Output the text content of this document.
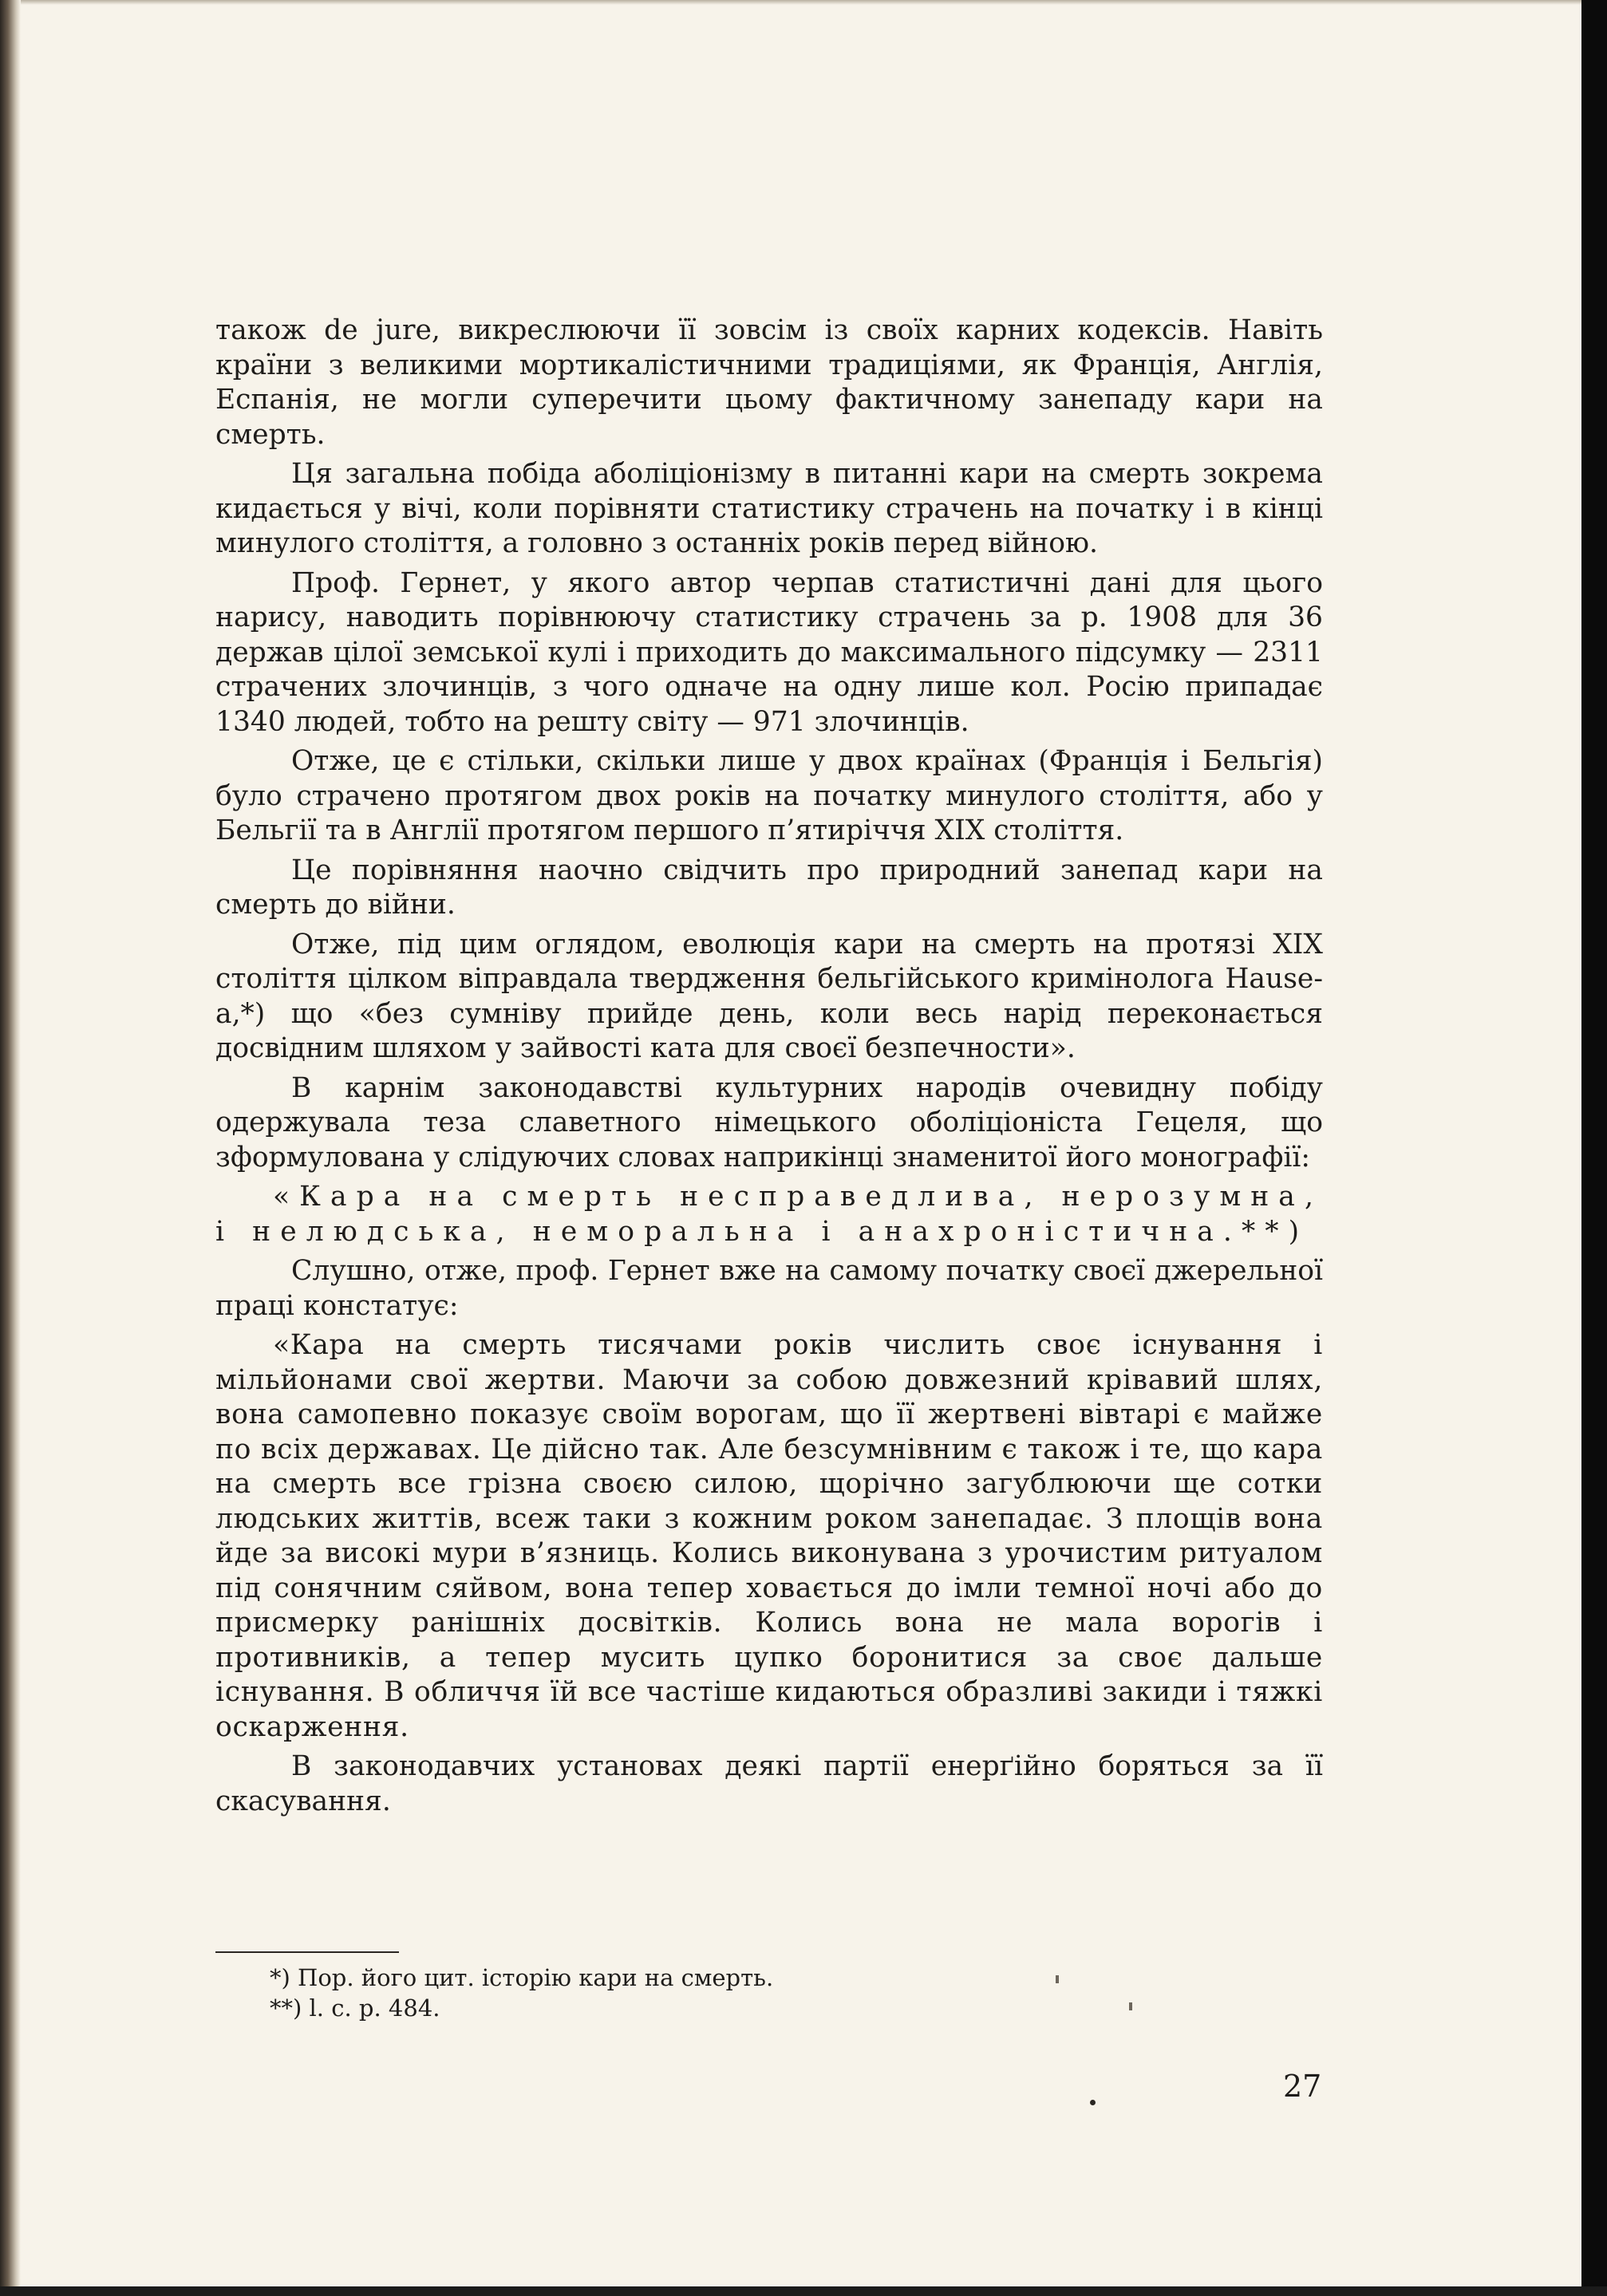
також de jure, викреслюючи її зовсім із своїх карних кодексів. Навіть країни з великими мортикалістичними традиціями, як Франція, Англія, Еспанія, не могли суперечити цьому фактичному занепаду кари на смерть.

Ця загальна побіда аболіціонізму в питанні кари на смерть зокрема кидається у вічі, коли порівняти статистику страчень на початку і в кінці минулого століття, а головно з останніх років перед війною.

Проф. Гернет, у якого автор черпав статистичні дані для цього нарису, наводить порівнюючу статистику страчень за р. 1908 для 36 держав цілої земської кулі і приходить до максимального підсумку — 2311 страчених злочинців, з чого одначе на одну лише кол. Росію припадає 1340 людей, тобто на решту світу — 971 злочинців.

Отже, це є стільки, скільки лише у двох країнах (Франція і Бельгія) було страчено протягом двох років на початку минулого століття, або у Бельгії та в Англії протягом першого п’ятиріччя XIX століття.

Це порівняння наочно свідчить про природний занепад кари на смерть до війни.

Отже, під цим оглядом, еволюція кари на смерть на протязі XIX століття цілком віправдала твердження бельгійського кримінолога Hause-a,*) що «без сумніву прийде день, коли весь нарід переконається досвідним шляхом у зайвості ката для своєї безпечности».

В карнім законодавстві культурних народів очевидну побіду одержувала теза славетного німецького оболіціоніста Гецеля, що зформулована у слідуючих словах наприкінці знаменитої його монографії:

«Кара на смерть несправедлива, нерозумна, і нелюдська, неморальна і анахроністична.**)

Слушно, отже, проф. Гернет вже на самому початку своєї джерельної праці констатує:

«Кара на смерть тисячами років числить своє існування і мільйонами свої жертви. Маючи за собою довжезний крівавий шлях, вона самопевно показує своїм ворогам, що її жертвені вівтарі є майже по всіх державах. Це дійсно так. Але безсумнівним є також і те, що кара на смерть все грізна своєю силою, щорічно загублюючи ще сотки людських життів, всеж таки з кожним роком занепадає. З площів вона йде за високі мури в’язниць. Колись виконувана з урочистим ритуалом під сонячним сяйвом, вона тепер ховається до імли темної ночі або до присмерку ранішніх досвітків. Колись вона не мала ворогів і противників, а тепер мусить цупко боронитися за своє дальше існування. В обличчя їй все частіше кидаються образливі закиди і тяжкі оскарження.

В законодавчих установах деякі партії енерґійно боряться за її скасування.

*) Пор. його цит. історію кари на смерть.

**) l. c. p. 484.

27
